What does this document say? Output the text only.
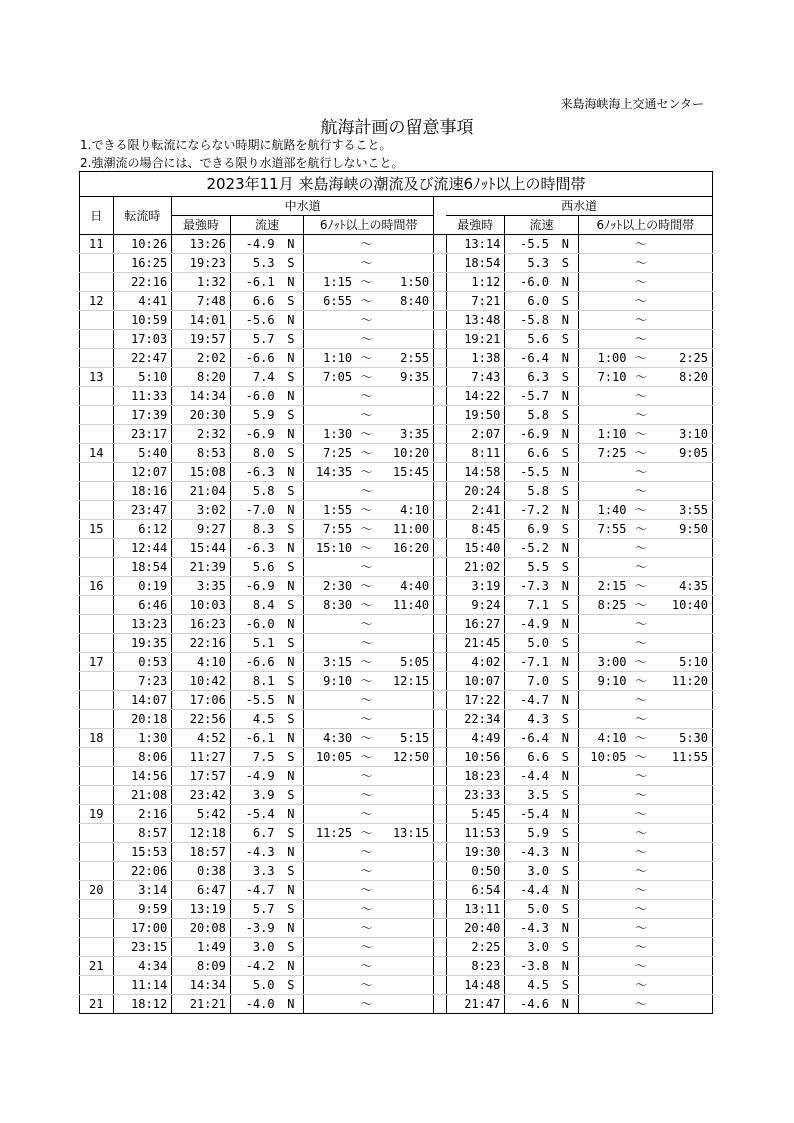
来島海峡海上交通センター
航海計画の留意事項
1.できる限り転流にならない時期に航路を航行すること。
2.強潮流の場合には、できる限り水道部を航行しないこと。
2023年11月 来島海峡の潮流及び流速6ﾉｯﾄ以上の時間帯														
日	転流時	中水道							西水道					
		最強時	流速		6ﾉｯﾄ以上の時間帯				最強時	流速		6ﾉｯﾄ以上の時間帯		
11	10:26	13:26	-4.9	N		～			13:14	-5.5	N		～	
	16:25	19:23	5.3	S		～			18:54	5.3	S		～	
	22:16	1:32	-6.1	N	1:15	～	1:50		1:12	-6.0	N		～	
12	4:41	7:48	6.6	S	6:55	～	8:40		7:21	6.0	S		～	
	10:59	14:01	-5.6	N		～			13:48	-5.8	N		～	
	17:03	19:57	5.7	S		～			19:21	5.6	S		～	
	22:47	2:02	-6.6	N	1:10	～	2:55		1:38	-6.4	N	1:00	～	2:25
13	5:10	8:20	7.4	S	7:05	～	9:35		7:43	6.3	S	7:10	～	8:20
	11:33	14:34	-6.0	N		～			14:22	-5.7	N		～	
	17:39	20:30	5.9	S		～			19:50	5.8	S		～	
	23:17	2:32	-6.9	N	1:30	～	3:35		2:07	-6.9	N	1:10	～	3:10
14	5:40	8:53	8.0	S	7:25	～	10:20		8:11	6.6	S	7:25	～	9:05
	12:07	15:08	-6.3	N	14:35	～	15:45		14:58	-5.5	N		～	
	18:16	21:04	5.8	S		～			20:24	5.8	S		～	
	23:47	3:02	-7.0	N	1:55	～	4:10		2:41	-7.2	N	1:40	～	3:55
15	6:12	9:27	8.3	S	7:55	～	11:00		8:45	6.9	S	7:55	～	9:50
	12:44	15:44	-6.3	N	15:10	～	16:20		15:40	-5.2	N		～	
	18:54	21:39	5.6	S		～			21:02	5.5	S		～	
16	0:19	3:35	-6.9	N	2:30	～	4:40		3:19	-7.3	N	2:15	～	4:35
	6:46	10:03	8.4	S	8:30	～	11:40		9:24	7.1	S	8:25	～	10:40
	13:23	16:23	-6.0	N		～			16:27	-4.9	N		～	
	19:35	22:16	5.1	S		～			21:45	5.0	S		～	
17	0:53	4:10	-6.6	N	3:15	～	5:05		4:02	-7.1	N	3:00	～	5:10
	7:23	10:42	8.1	S	9:10	～	12:15		10:07	7.0	S	9:10	～	11:20
	14:07	17:06	-5.5	N		～			17:22	-4.7	N		～	
	20:18	22:56	4.5	S		～			22:34	4.3	S		～	
18	1:30	4:52	-6.1	N	4:30	～	5:15		4:49	-6.4	N	4:10	～	5:30
	8:06	11:27	7.5	S	10:05	～	12:50		10:56	6.6	S	10:05	～	11:55
	14:56	17:57	-4.9	N		～			18:23	-4.4	N		～	
	21:08	23:42	3.9	S		～			23:33	3.5	S		～	
19	2:16	5:42	-5.4	N		～			5:45	-5.4	N		～	
	8:57	12:18	6.7	S	11:25	～	13:15		11:53	5.9	S		～	
	15:53	18:57	-4.3	N		～			19:30	-4.3	N		～	
	22:06	0:38	3.3	S		～			0:50	3.0	S		～	
20	3:14	6:47	-4.7	N		～			6:54	-4.4	N		～	
	9:59	13:19	5.7	S		～			13:11	5.0	S		～	
	17:00	20:08	-3.9	N		～			20:40	-4.3	N		～	
	23:15	1:49	3.0	S		～			2:25	3.0	S		～	
21	4:34	8:09	-4.2	N		～			8:23	-3.8	N		～	
	11:14	14:34	5.0	S		～			14:48	4.5	S		～	
21	18:12	21:21	-4.0	N		～			21:47	-4.6	N		～	
